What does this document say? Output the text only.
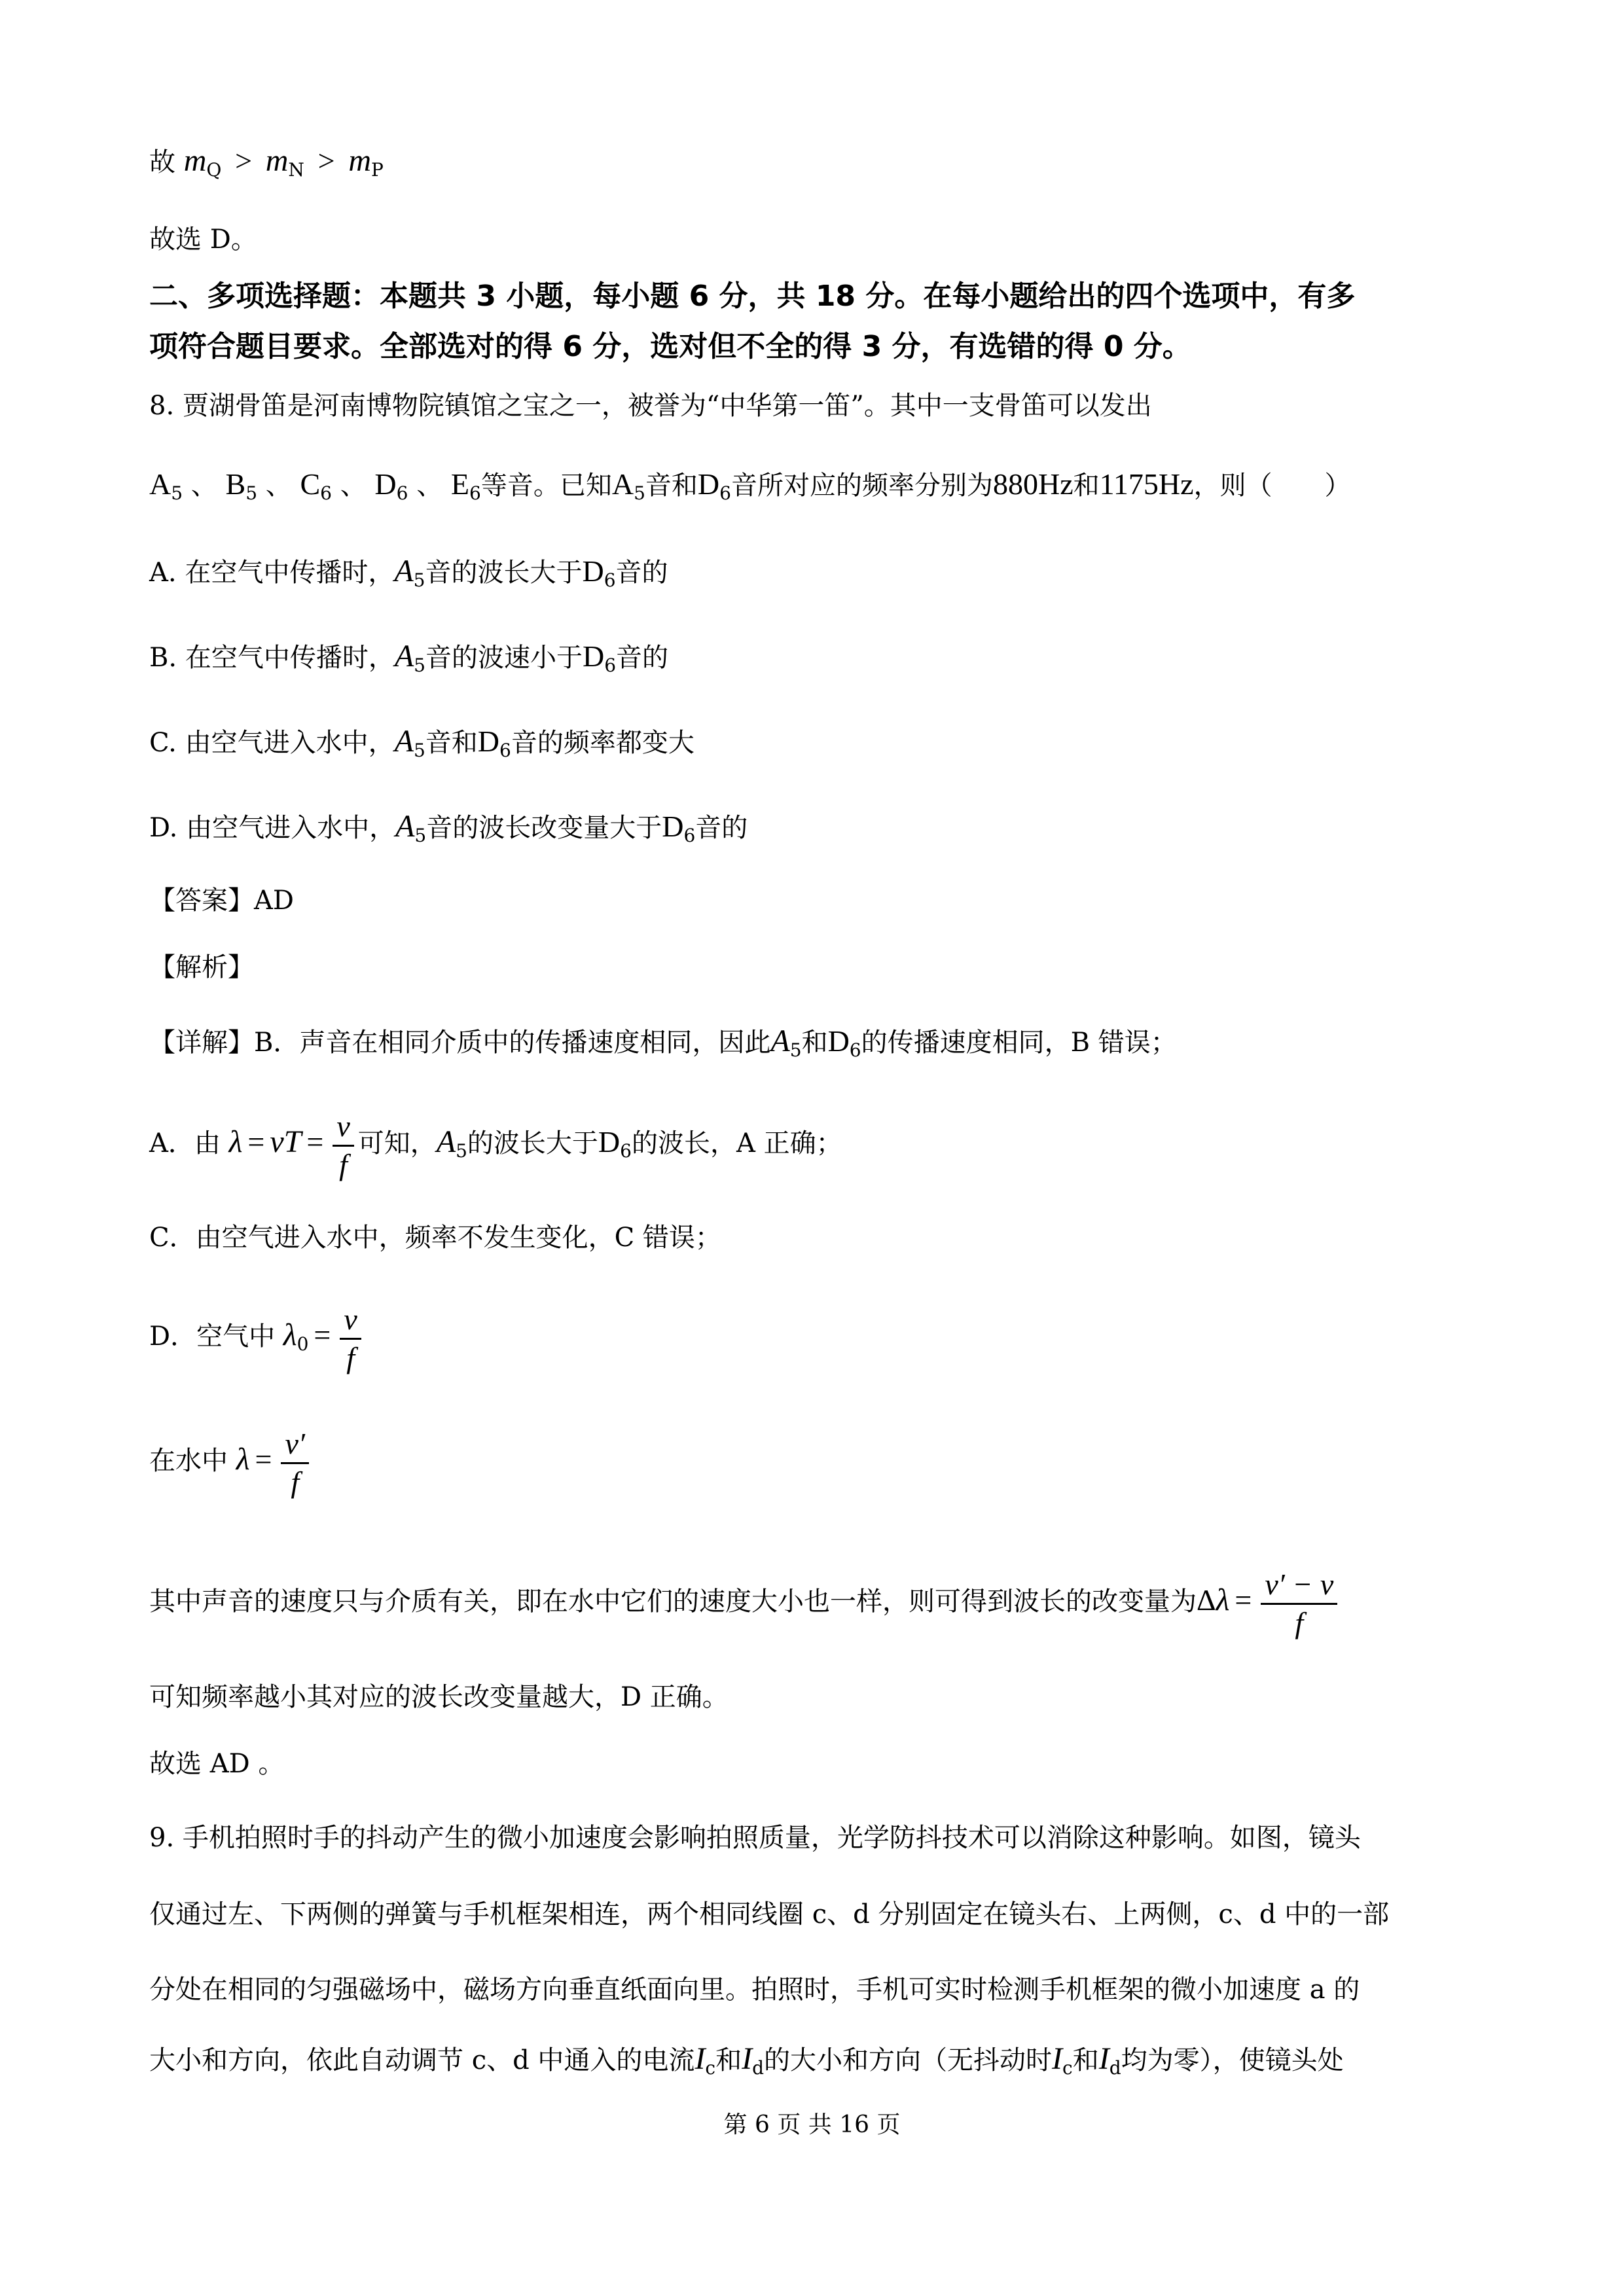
故 $m_Q > m_N > m_P$
故选 D。
二、多项选择题：本题共 3 小题，每小题 6 分，共 18 分。在每小题给出的四个选项中，有多
项符合题目要求。全部选对的得 6 分，选对但不全的得 3 分，有选错的得 0 分。
8. 贾湖骨笛是河南博物院镇馆之宝之一，被誉为“中华第一笛”。其中一支骨笛可以发出
$A_5$ 、 $B_5$ 、 $C_6$ 、 $D_6$ 、 $E_6$等音。已知$A_5$音和$D_6$音所对应的频率分别为880Hz和1175Hz，则（　　）
A. 在空气中传播时，$A_5$音的波长大于$D_6$音的
B. 在空气中传播时，$A_5$音的波速小于$D_6$音的
C. 由空气进入水中，$A_5$音和$D_6$音的频率都变大
D. 由空气进入水中，$A_5$音的波长改变量大于$D_6$音的
【答案】AD
【解析】
【详解】B．声音在相同介质中的传播速度相同，因此$A_5$和$D_6$的传播速度相同，B 错误；
A．由 λ = vT = $\frac{v}{f}$ 可知，$A_5$的波长大于$D_6$的波长，A 正确；
C．由空气进入水中，频率不发生变化，C 错误；
D．空气中 $\lambda_0 = \frac{v}{f}$
在水中 $\lambda = \frac{v'}{f}$
其中声音的速度只与介质有关，即在水中它们的速度大小也一样，则可得到波长的改变量为$\Delta\lambda = \frac{v' - v}{f}$
可知频率越小其对应的波长改变量越大，D 正确。
故选 AD 。
9. 手机拍照时手的抖动产生的微小加速度会影响拍照质量，光学防抖技术可以消除这种影响。如图，镜头
仅通过左、下两侧的弹簧与手机框架相连，两个相同线圈 c、d 分别固定在镜头右、上两侧，c、d 中的一部
分处在相同的匀强磁场中，磁场方向垂直纸面向里。拍照时，手机可实时检测手机框架的微小加速度 a 的
大小和方向，依此自动调节 c、d 中通入的电流$I_c$和$I_d$的大小和方向（无抖动时$I_c$和$I_d$均为零），使镜头处
第 6 页 共 16 页
